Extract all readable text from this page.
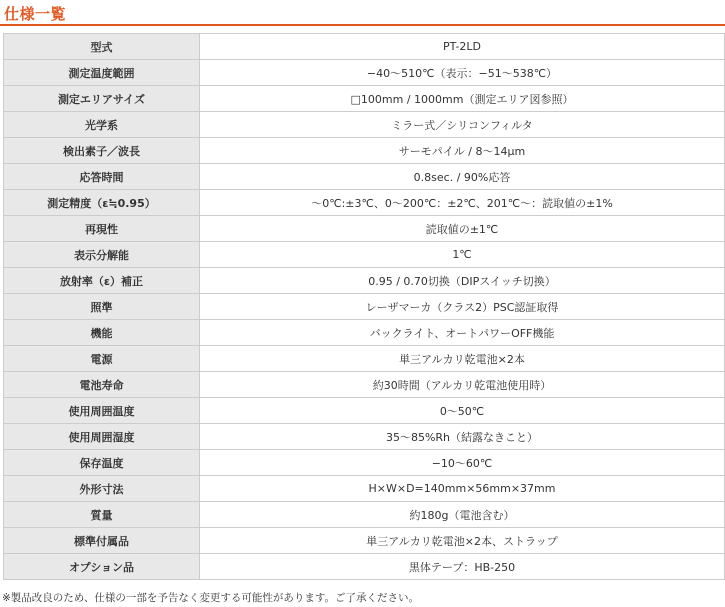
仕様一覧
型式	PT-2LD
測定温度範囲	−40〜510℃（表示：−51〜538℃）
測定エリアサイズ	□100mm / 1000mm（測定エリア図参照）
光学系	ミラー式／シリコンフィルタ
検出素子／波長	サーモパイル / 8〜14μm
応答時間	0.8sec. / 90%応答
測定精度（ε≒0.95）	〜0℃:±3℃、0〜200℃：±2℃、201℃〜：読取値の±1%
再現性	読取値の±1℃
表示分解能	1℃
放射率（ε）補正	0.95 / 0.70切換（DIPスイッチ切換）
照準	レーザマーカ（クラス2）PSC認証取得
機能	バックライト、オートパワーOFF機能
電源	単三アルカリ乾電池×2本
電池寿命	約30時間（アルカリ乾電池使用時）
使用周囲温度	0〜50℃
使用周囲湿度	35〜85%Rh（結露なきこと）
保存温度	−10〜60℃
外形寸法	H×W×D=140mm×56mm×37mm
質量	約180g（電池含む）
標準付属品	単三アルカリ乾電池×2本、ストラップ
オプション品	黒体テープ：HB-250
※製品改良のため、仕様の一部を予告なく変更する可能性があります。ご了承ください。
